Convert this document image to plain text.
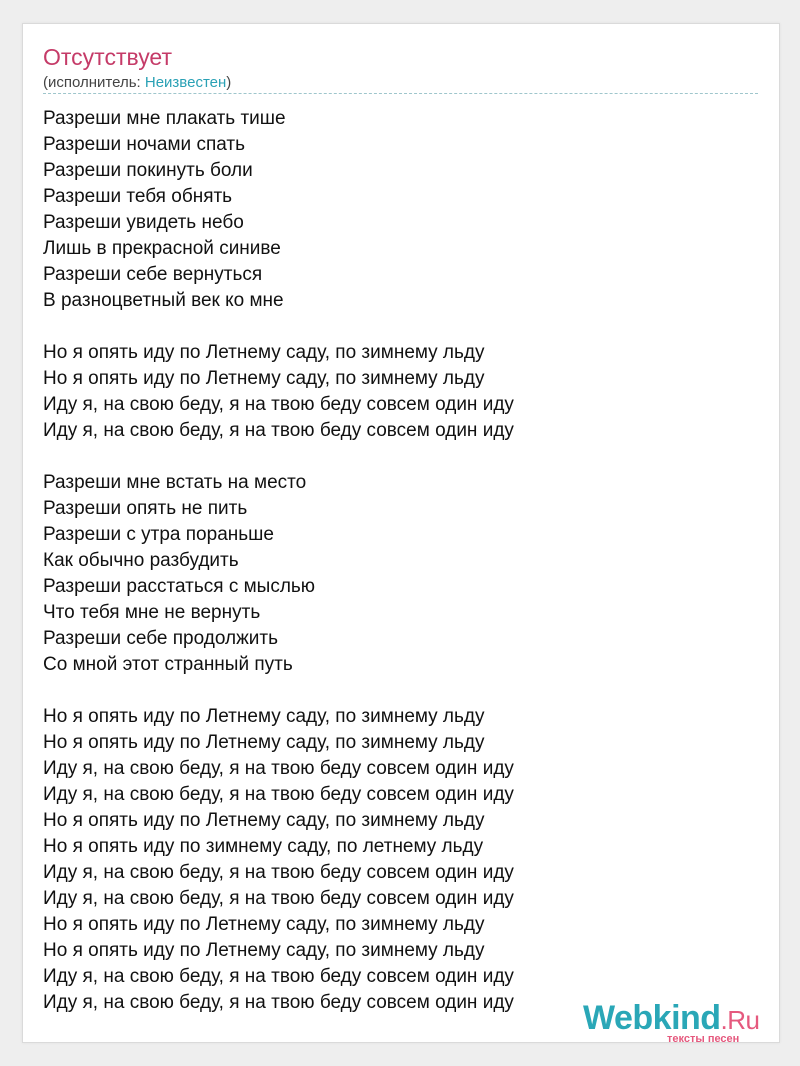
Отсутствует
(исполнитель: Неизвестен)
Разреши мне плакать тише
Разреши ночами спать
Разреши покинуть боли
Разреши тебя обнять
Разреши увидеть небо
Лишь в прекрасной синиве
Разреши себе вернуться
В разноцветный век ко мне
Но я опять иду по Летнему саду, по зимнему льду
Но я опять иду по Летнему саду, по зимнему льду
Иду я, на свою беду, я на твою беду совсем один иду
Иду я, на свою беду, я на твою беду совсем один иду
Разреши мне встать на место
Разреши опять не пить
Разреши с утра пораньше
Как обычно разбудить
Разреши расстаться с мыслью
Что тебя мне не вернуть
Разреши себе продолжить
Со мной этот странный путь
Но я опять иду по Летнему саду, по зимнему льду
Но я опять иду по Летнему саду, по зимнему льду
Иду я, на свою беду, я на твою беду совсем один иду
Иду я, на свою беду, я на твою беду совсем один иду
Но я опять иду по Летнему саду, по зимнему льду
Но я опять иду по зимнему саду, по летнему льду
Иду я, на свою беду, я на твою беду совсем один иду
Иду я, на свою беду, я на твою беду совсем один иду
Но я опять иду по Летнему саду, по зимнему льду
Но я опять иду по Летнему саду, по зимнему льду
Иду я, на свою беду, я на твою беду совсем один иду
Иду я, на свою беду, я на твою беду совсем один иду	Webkind.Ru
тексты песен
